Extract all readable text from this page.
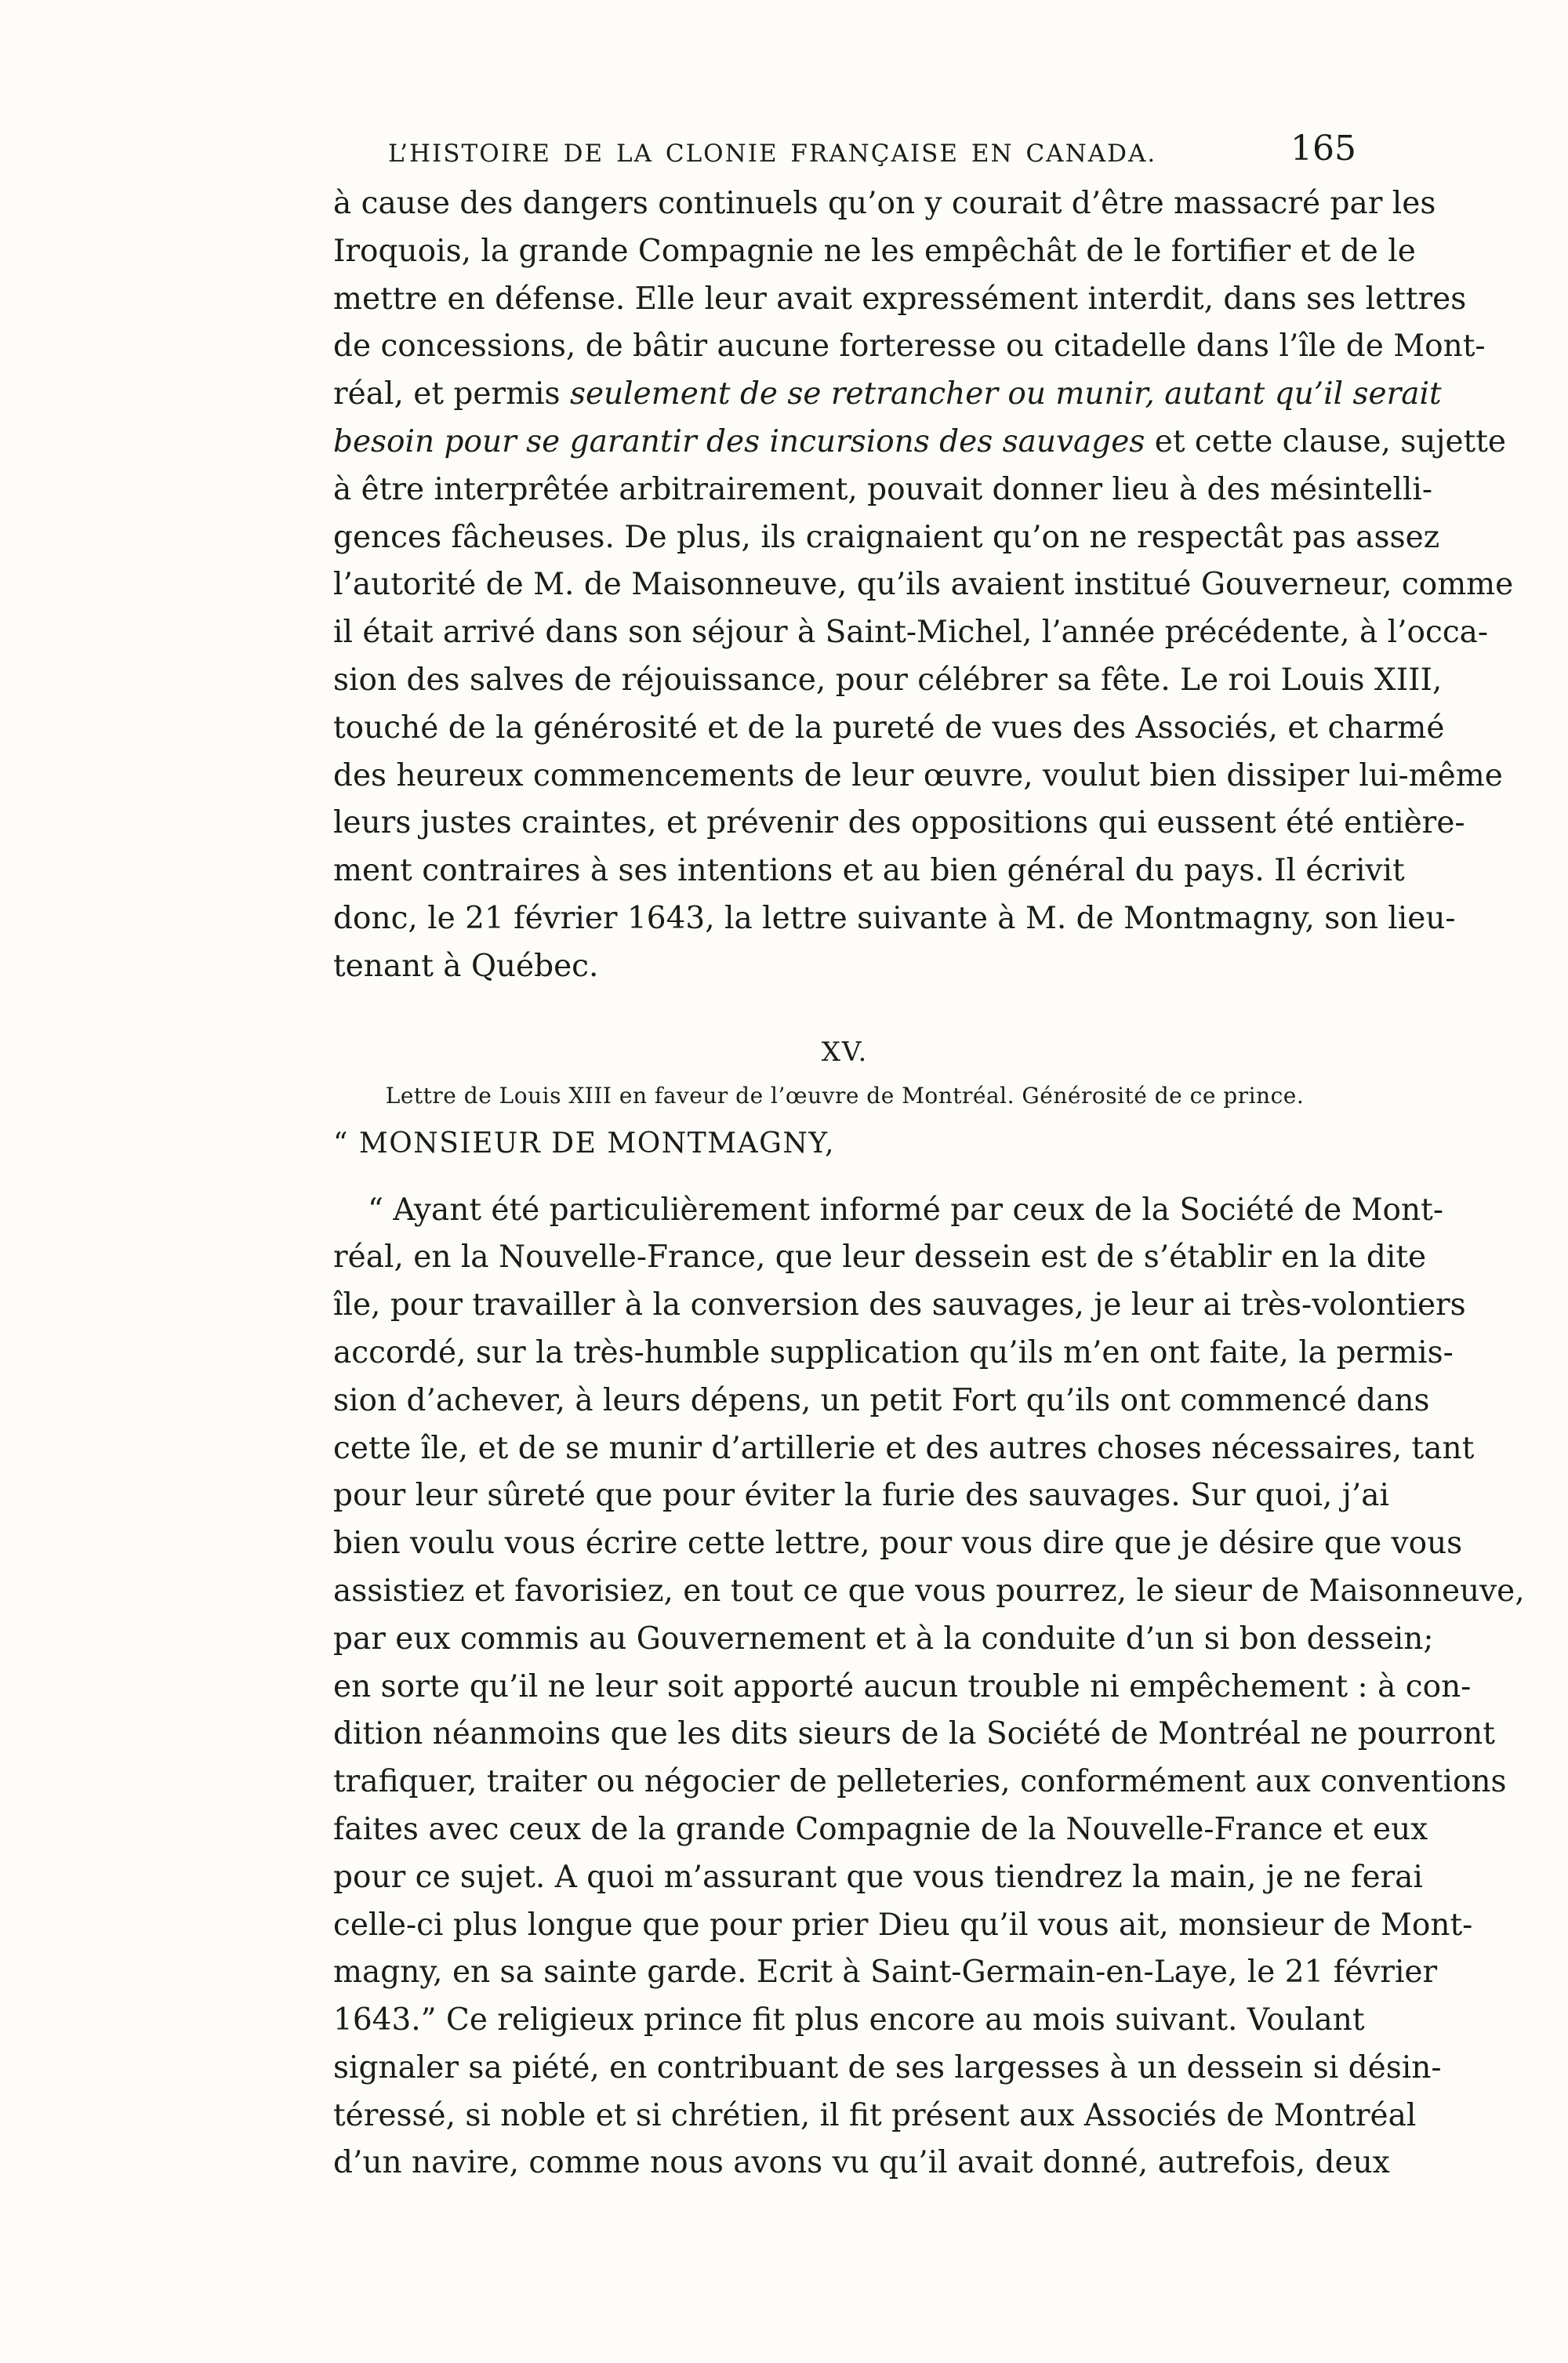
L’HISTOIRE DE LA CLONIE FRANÇAISE EN CANADA.	165
à cause des dangers continuels qu’on y courait d’être massacré par les
Iroquois, la grande Compagnie ne les empêchât de le fortifier et de le
mettre en défense. Elle leur avait expressément interdit, dans ses lettres
de concessions, de bâtir aucune forteresse ou citadelle dans l’île de Mont-
réal, et permis seulement de se retrancher ou munir, autant qu’il serait
besoin pour se garantir des incursions des sauvages et cette clause, sujette
à être interprêtée arbitrairement, pouvait donner lieu à des mésintelli-
gences fâcheuses. De plus, ils craignaient qu’on ne respectât pas assez
l’autorité de M. de Maisonneuve, qu’ils avaient institué Gouverneur, comme
il était arrivé dans son séjour à Saint-Michel, l’année précédente, à l’occa-
sion des salves de réjouissance, pour célébrer sa fête. Le roi Louis XIII,
touché de la générosité et de la pureté de vues des Associés, et charmé
des heureux commencements de leur œuvre, voulut bien dissiper lui-même
leurs justes craintes, et prévenir des oppositions qui eussent été entière-
ment contraires à ses intentions et au bien général du pays. Il écrivit
donc, le 21 février 1643, la lettre suivante à M. de Montmagny, son lieu-
tenant à Québec.
XV.
Lettre de Louis XIII en faveur de l’œuvre de Montréal. Générosité de ce prince.
“ MONSIEUR DE MONTMAGNY,
“ Ayant été particulièrement informé par ceux de la Société de Mont-
réal, en la Nouvelle-France, que leur dessein est de s’établir en la dite
île, pour travailler à la conversion des sauvages, je leur ai très-volontiers
accordé, sur la très-humble supplication qu’ils m’en ont faite, la permis-
sion d’achever, à leurs dépens, un petit Fort qu’ils ont commencé dans
cette île, et de se munir d’artillerie et des autres choses nécessaires, tant
pour leur sûreté que pour éviter la furie des sauvages. Sur quoi, j’ai
bien voulu vous écrire cette lettre, pour vous dire que je désire que vous
assistiez et favorisiez, en tout ce que vous pourrez, le sieur de Maisonneuve,
par eux commis au Gouvernement et à la conduite d’un si bon dessein;
en sorte qu’il ne leur soit apporté aucun trouble ni empêchement : à con-
dition néanmoins que les dits sieurs de la Société de Montréal ne pourront
trafiquer, traiter ou négocier de pelleteries, conformément aux conventions
faites avec ceux de la grande Compagnie de la Nouvelle-France et eux
pour ce sujet. A quoi m’assurant que vous tiendrez la main, je ne ferai
celle-ci plus longue que pour prier Dieu qu’il vous ait, monsieur de Mont-
magny, en sa sainte garde. Ecrit à Saint-Germain-en-Laye, le 21 février
1643.” Ce religieux prince fit plus encore au mois suivant. Voulant
signaler sa piété, en contribuant de ses largesses à un dessein si désin-
téressé, si noble et si chrétien, il fit présent aux Associés de Montréal
d’un navire, comme nous avons vu qu’il avait donné, autrefois, deux
